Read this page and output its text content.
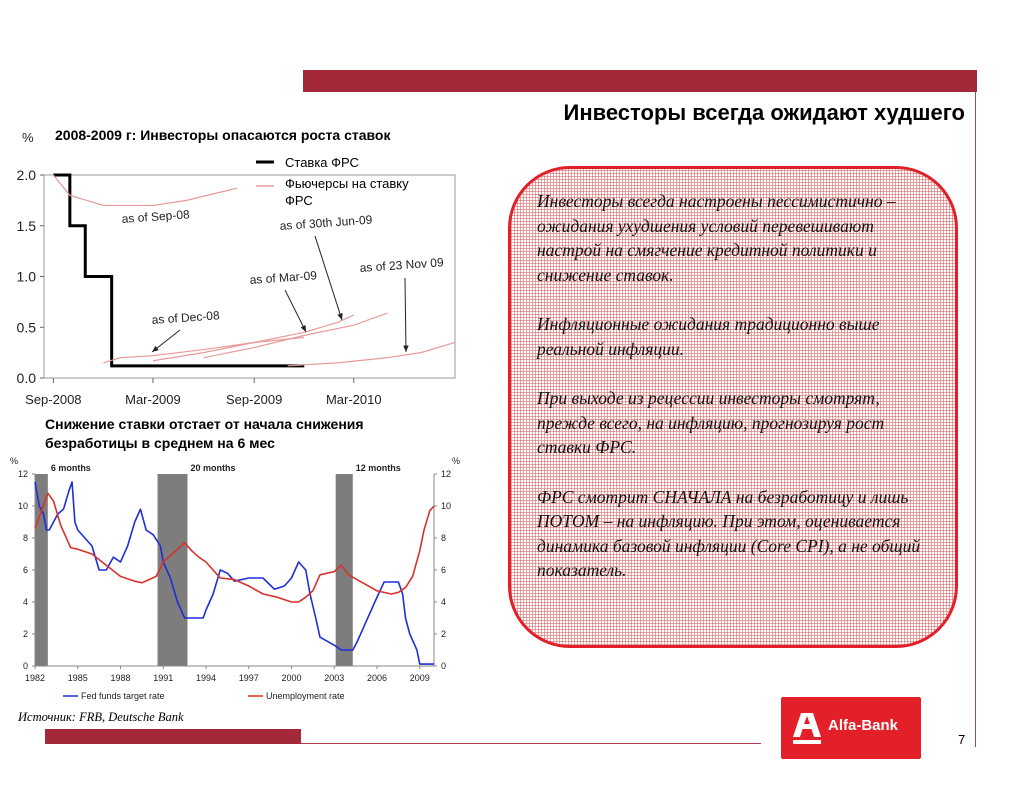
Инвесторы всегда ожидают худшего
2008-2009 г: Инвесторы опасаются роста ставок
%
2.0
1.5
1.0
0.5
0.0
Sep-2008	Mar-2009	Sep-2009	Mar-2010
as of Sep-08	as of 30th Jun-09
as of 23 Nov 09
as of Mar-09
as of Dec-08
Ставка ФРС
Фьючерсы на ставку ФРС
Снижение ставки отстает от начала снижения безработицы в среднем на 6 мес
%	%
6 months	20 months	12 months
12	12
10	10
8	8
6	6
4	4
2	2
0	0
1982	1985	1988	1991	1994	1997	2000	2003	2006	2009
Fed funds target rate	Unemployment rate

Инвесторы всегда настроены пессимистично – ожидания ухудшения условий перевешивают настрой на смягчение кредитной политики и снижение ставок.

Инфляционные ожидания традиционно выше реальной инфляции.

При выходе из рецессии инвесторы смотрят, прежде всего, на инфляцию, прогнозируя рост ставки ФРС.

ФРС смотрит СНАЧАЛА на безработицу и лишь ПОТОМ – на инфляцию. При этом, оценивается динамика базовой инфляции (Core CPI), а не общий показатель.

Источник: FRB, Deutsche Bank	Alfa-Bank
7
